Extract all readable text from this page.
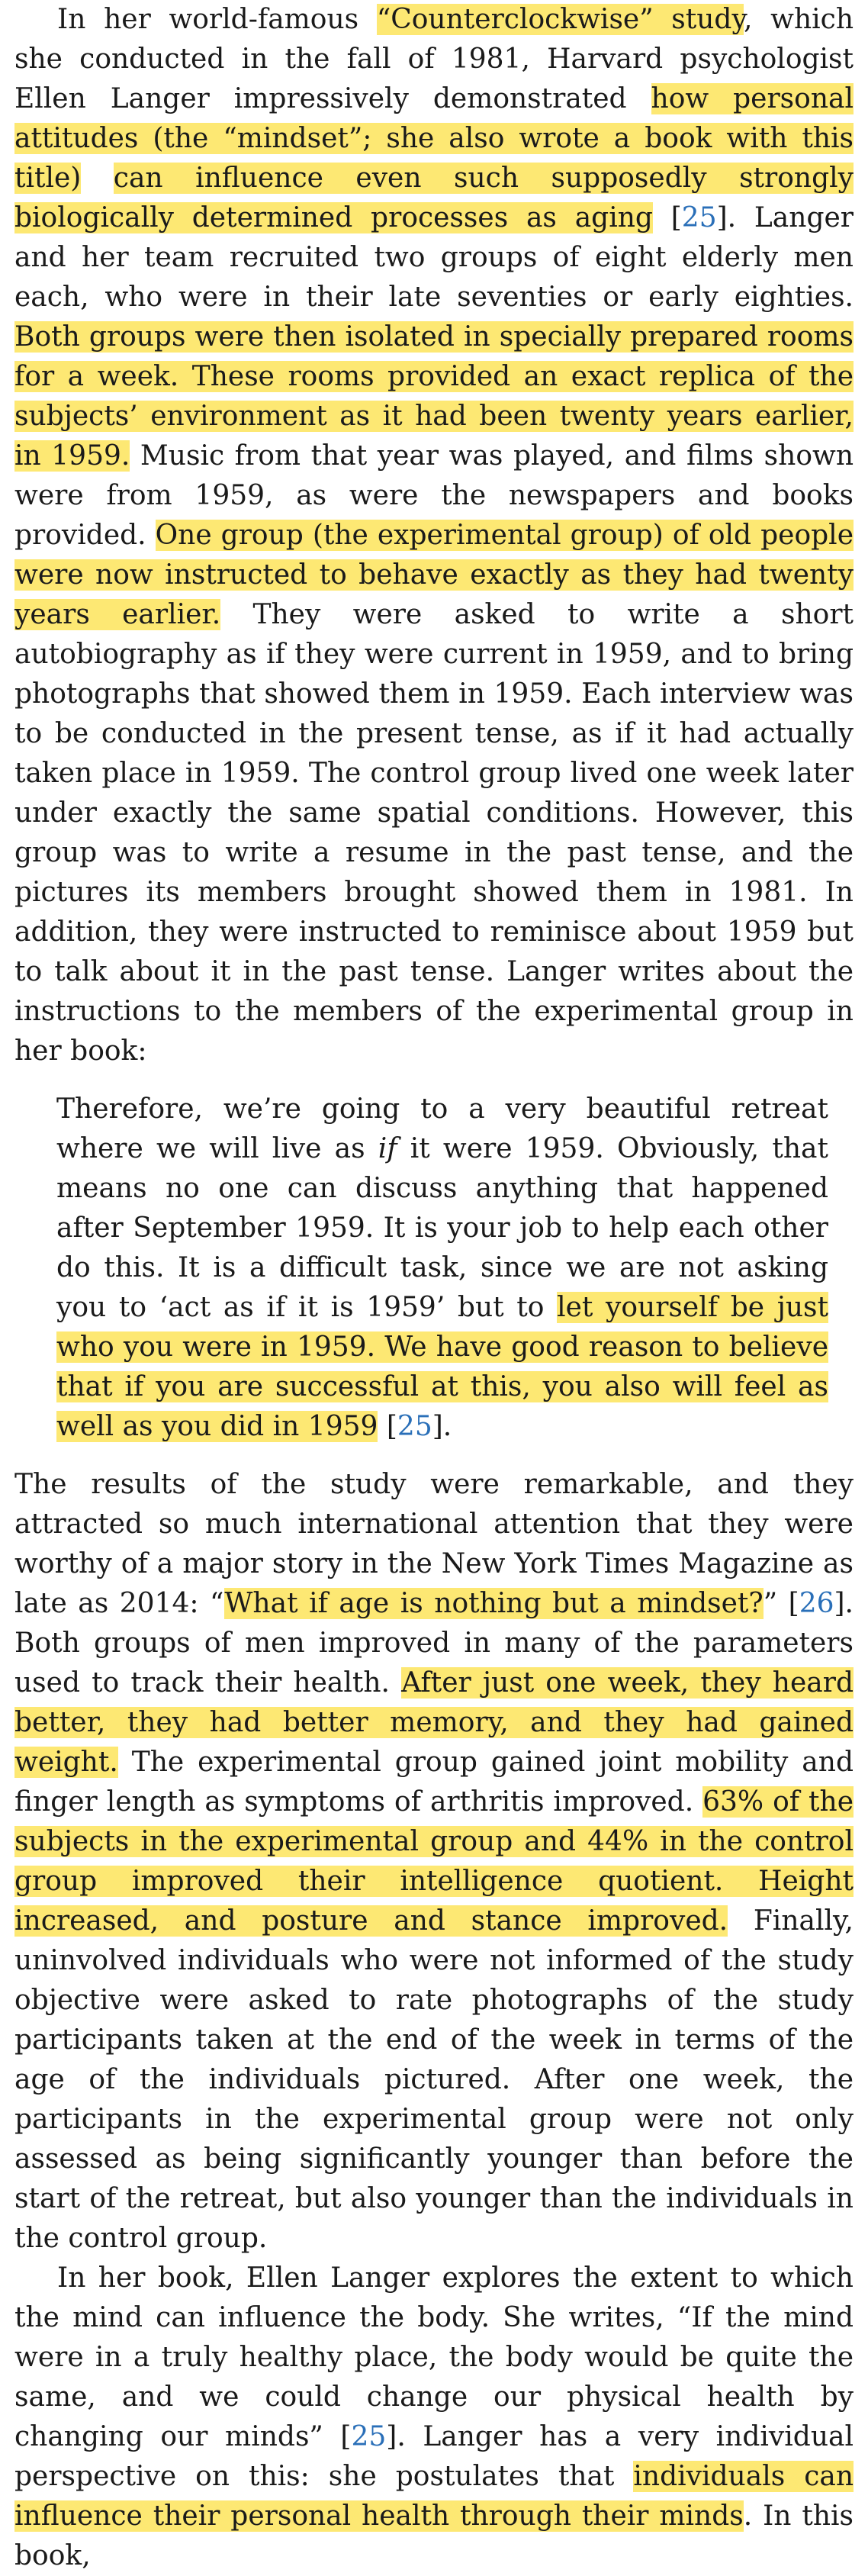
In her world-famous “Counterclockwise” study, which she conducted in the fall of 1981, Harvard psychologist Ellen Langer impressively demonstrated how personal attitudes (the “mindset”; she also wrote a book with this title) can influence even such supposedly strongly biologically determined processes as aging [25]. Langer and her team recruited two groups of eight elderly men each, who were in their late seventies or early eighties. Both groups were then isolated in specially prepared rooms for a week. These rooms provided an exact replica of the subjects’ environment as it had been twenty years earlier, in 1959. Music from that year was played, and films shown were from 1959, as were the newspapers and books provided. One group (the experimental group) of old people were now instructed to behave exactly as they had twenty years earlier. They were asked to write a short autobiography as if they were current in 1959, and to bring photographs that showed them in 1959. Each interview was to be conducted in the present tense, as if it had actually taken place in 1959. The control group lived one week later under exactly the same spatial conditions. However, this group was to write a resume in the past tense, and the pictures its members brought showed them in 1981. In addition, they were instructed to reminisce about 1959 but to talk about it in the past tense. Langer writes about the instructions to the members of the experimental group in her book:

Therefore, we’re going to a very beautiful retreat where we will live as if it were 1959. Obviously, that means no one can discuss anything that happened after September 1959. It is your job to help each other do this. It is a difficult task, since we are not asking you to ‘act as if it is 1959’ but to let yourself be just who you were in 1959. We have good reason to believe that if you are successful at this, you also will feel as well as you did in 1959 [25].

The results of the study were remarkable, and they attracted so much international attention that they were worthy of a major story in the New York Times Magazine as late as 2014: “What if age is nothing but a mindset?” [26]. Both groups of men improved in many of the parameters used to track their health. After just one week, they heard better, they had better memory, and they had gained weight. The experimental group gained joint mobility and finger length as symptoms of arthritis improved. 63% of the subjects in the experimental group and 44% in the control group improved their intelligence quotient. Height increased, and posture and stance improved. Finally, uninvolved individuals who were not informed of the study objective were asked to rate photographs of the study participants taken at the end of the week in terms of the age of the individuals pictured. After one week, the participants in the experimental group were not only assessed as being significantly younger than before the start of the retreat, but also younger than the individuals in the control group.

In her book, Ellen Langer explores the extent to which the mind can influence the body. She writes, “If the mind were in a truly healthy place, the body would be quite the same, and we could change our physical health by changing our minds” [25]. Langer has a very individual perspective on this: she postulates that individuals can influence their personal health through their minds. In this book,
